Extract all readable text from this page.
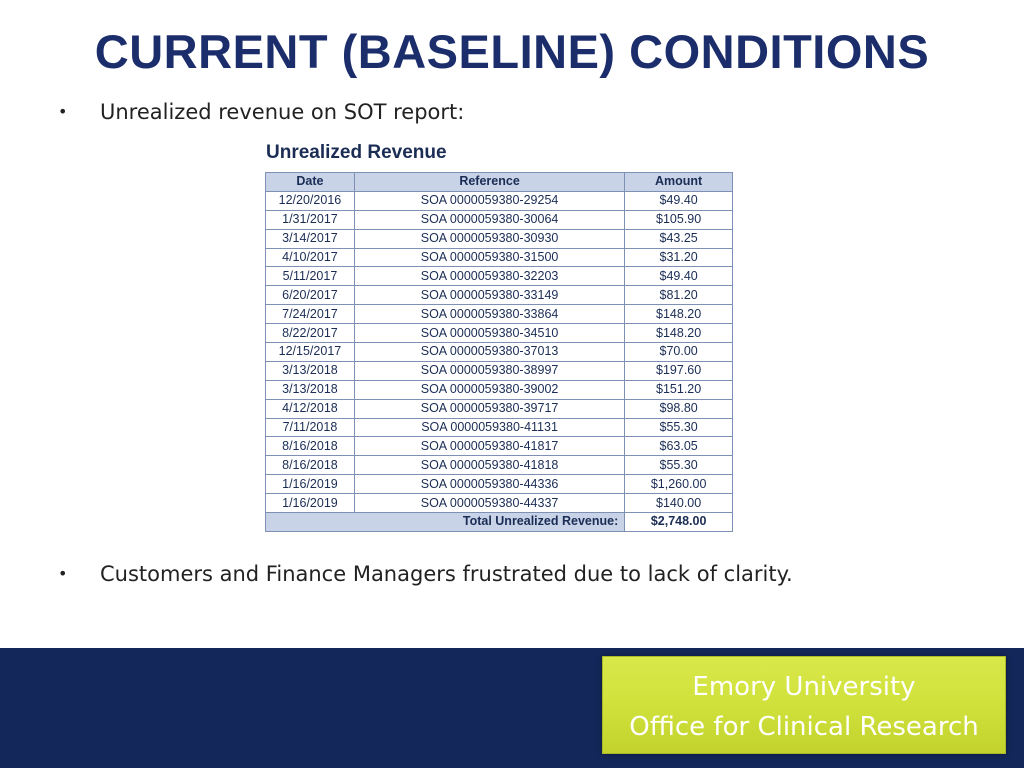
CURRENT (BASELINE) CONDITIONS
• Unrealized revenue on SOT report:
Unrealized Revenue
Date	Reference	Amount
12/20/2016	SOA 0000059380-29254	$49.40
1/31/2017	SOA 0000059380-30064	$105.90
3/14/2017	SOA 0000059380-30930	$43.25
4/10/2017	SOA 0000059380-31500	$31.20
5/11/2017	SOA 0000059380-32203	$49.40
6/20/2017	SOA 0000059380-33149	$81.20
7/24/2017	SOA 0000059380-33864	$148.20
8/22/2017	SOA 0000059380-34510	$148.20
12/15/2017	SOA 0000059380-37013	$70.00
3/13/2018	SOA 0000059380-38997	$197.60
3/13/2018	SOA 0000059380-39002	$151.20
4/12/2018	SOA 0000059380-39717	$98.80
7/11/2018	SOA 0000059380-41131	$55.30
8/16/2018	SOA 0000059380-41817	$63.05
8/16/2018	SOA 0000059380-41818	$55.30
1/16/2019	SOA 0000059380-44336	$1,260.00
1/16/2019	SOA 0000059380-44337	$140.00
Total Unrealized Revenue:		$2,748.00
• Customers and Finance Managers frustrated due to lack of clarity.
Emory University
Office for Clinical Research
